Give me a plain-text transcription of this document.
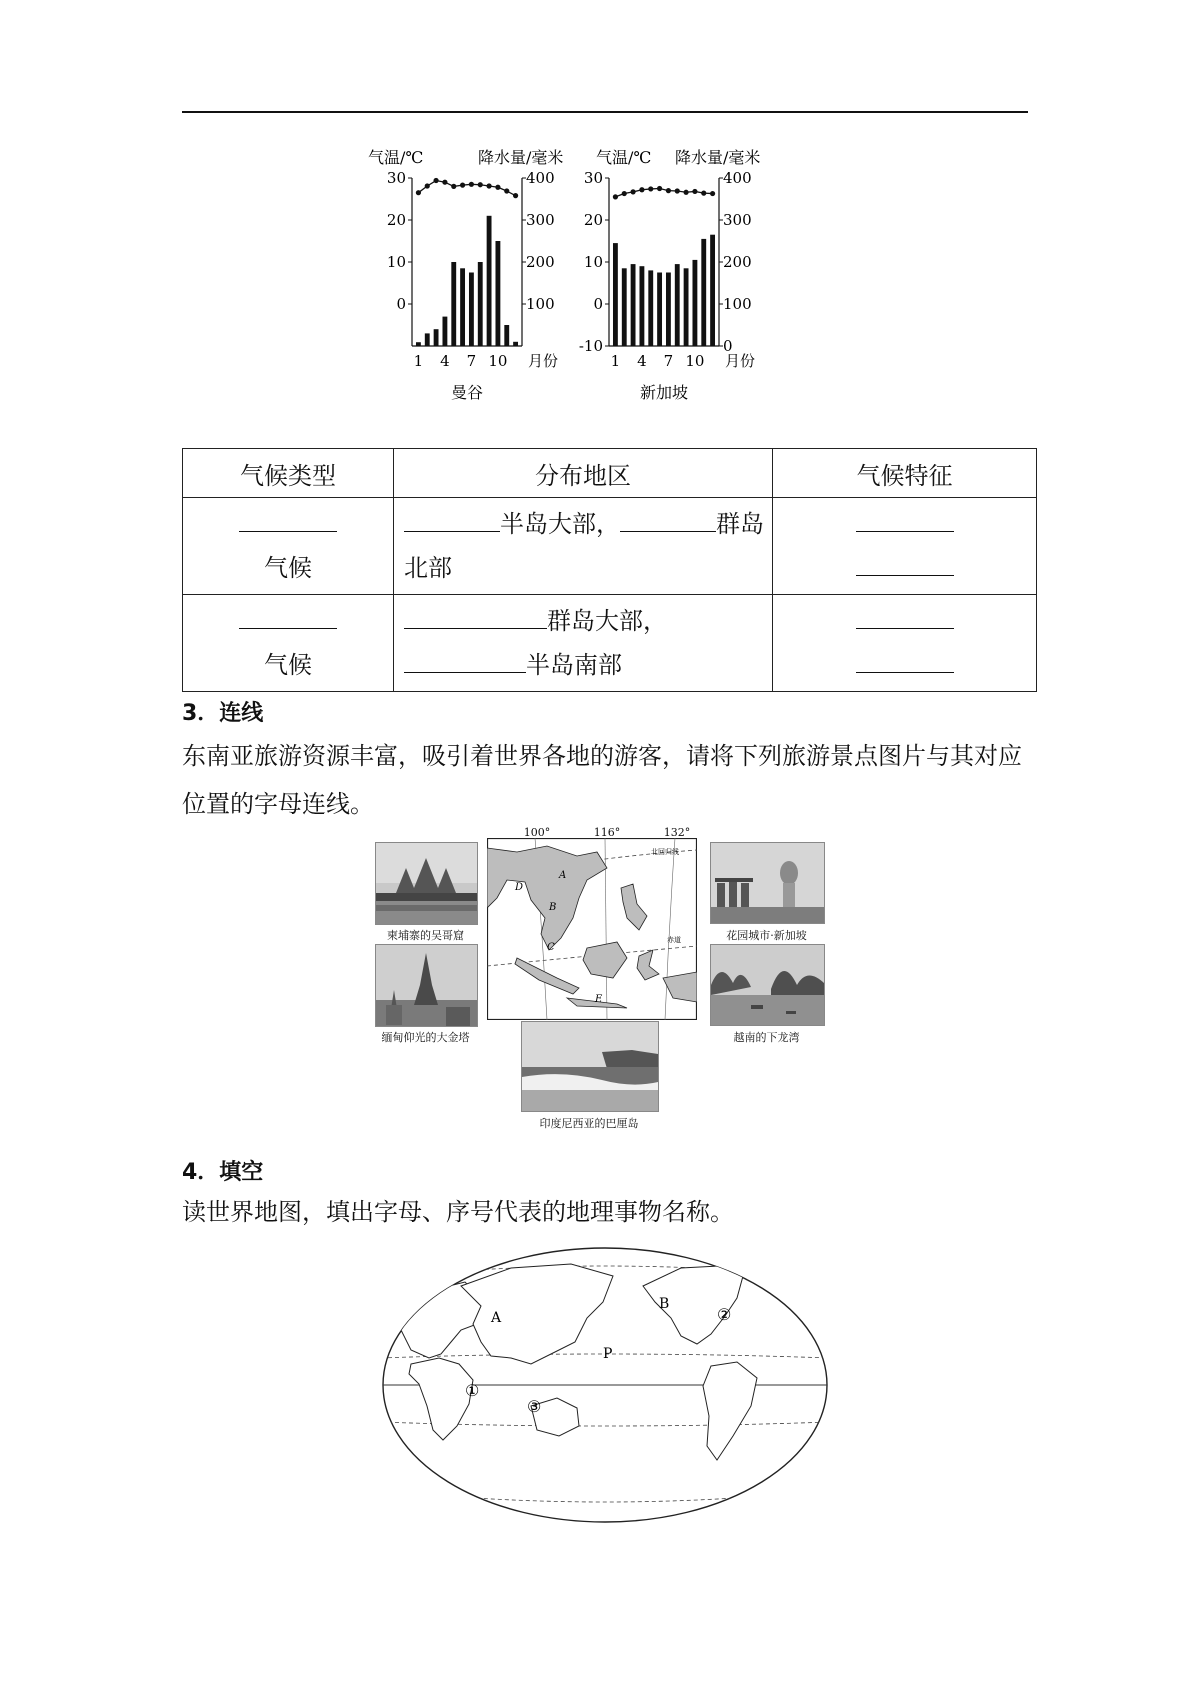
气温/℃	降水量/毫米
30
20
10
0
400
300
200
100
1 4 7 10 月份
曼谷
气温/℃ 降水量/毫米
30
20
10
0
-10
400
300
200
100
0
1 4 7 10 月份
新加坡
气候类型	分布地区	气候特征

气候	半岛大部， 群岛
北部	

气候	群岛大部，
半岛南部	

3．连线
东南亚旅游资源丰富，吸引着世界各地的游客，请将下列旅游景点图片与其对应位置的字母连线。
柬埔寨的吴哥窟
缅甸仰光的大金塔
花园城市·新加坡
越南的下龙湾
印度尼西亚的巴厘岛
B
D
C
A
E
北回归线
赤道
100°	116°	132°
4．填空
读世界地图，填出字母、序号代表的地理事物名称。
A
B
P
①
②
③
